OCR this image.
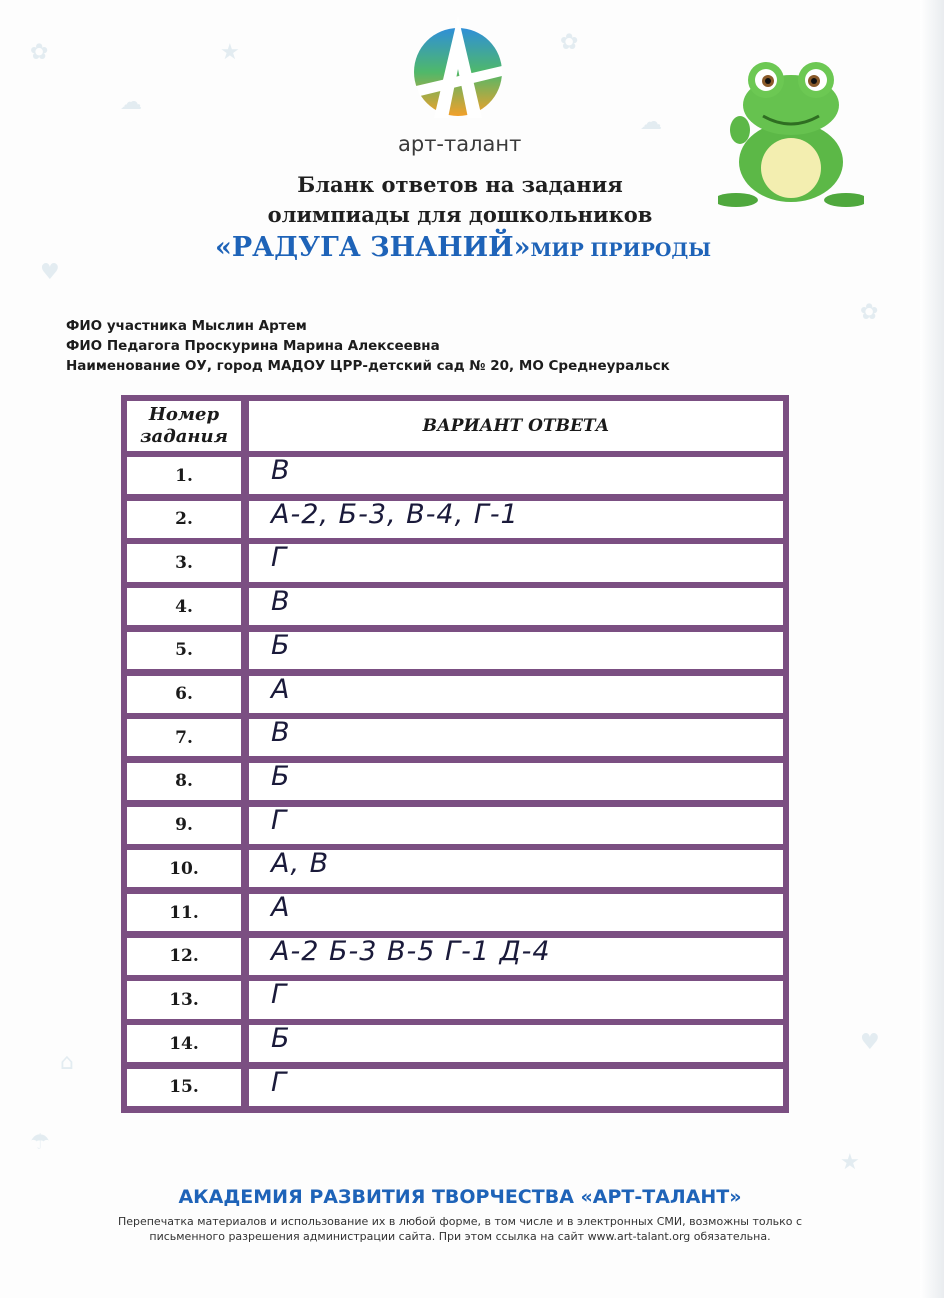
✿
☁
★	✿
☁
♥
✿
☂
★
⌂
♥
арт-талант
Бланк ответов на задания
олимпиады для дошкольников
«РАДУГА ЗНАНИЙ»МИР ПРИРОДЫ
ФИО участника Мыслин Артем
ФИО Педагога Проскурина Марина Алексеевна
Наименование ОУ, город МАДОУ ЦРР-детский сад № 20, МО Среднеуральск
Номер
задания	ВАРИАНТ ОТВЕТА
1.	В
2.	А-2, Б-3, В-4, Г-1
3.	Г
4.	В
5.	Б
6.	А
7.	В
8.	Б
9.	Г
10.	А, В
11.	А
12.	А-2 Б-3 В-5 Г-1 Д-4
13.	Г
14.	Б
15.	Г
АКАДЕМИЯ РАЗВИТИЯ ТВОРЧЕСТВА «АРТ-ТАЛАНТ»
Перепечатка материалов и использование их в любой форме, в том числе и в электронных СМИ, возможны только с
письменного разрешения администрации сайта. При этом ссылка на сайт www.art-talant.org обязательна.
